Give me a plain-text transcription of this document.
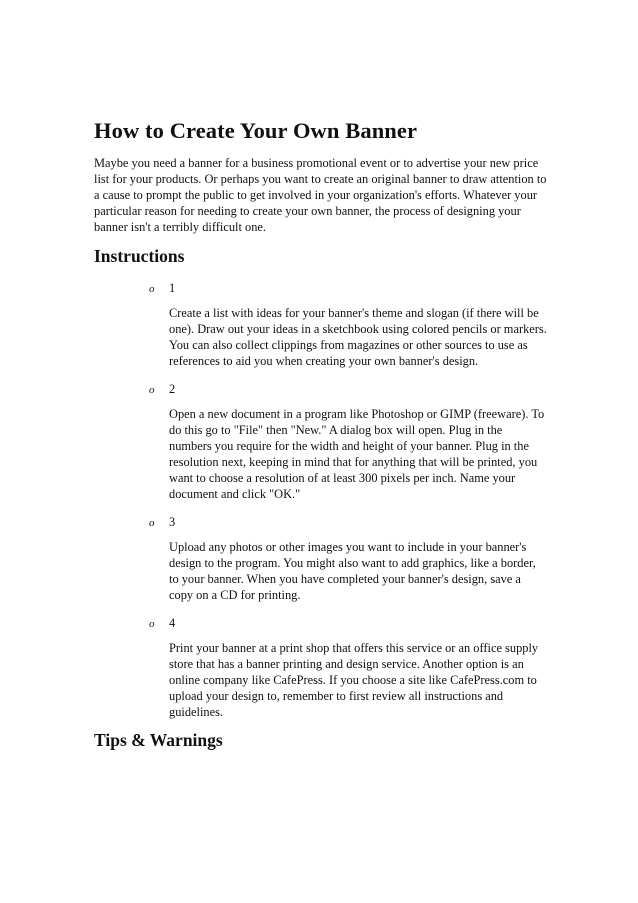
How to Create Your Own Banner

Maybe you need a banner for a business promotional event or to advertise your new price list for your products. Or perhaps you want to create an original banner to draw attention to a cause to prompt the public to get involved in your organization's efforts. Whatever your particular reason for needing to create your own banner, the process of designing your banner isn't a terribly difficult one.

Instructions
o 1

Create a list with ideas for your banner's theme and slogan (if there will be one). Draw out your ideas in a sketchbook using colored pencils or markers. You can also collect clippings from magazines or other sources to use as references to aid you when creating your own banner's design.

o 2

Open a new document in a program like Photoshop or GIMP (freeware). To do this go to "File" then "New." A dialog box will open. Plug in the numbers you require for the width and height of your banner. Plug in the resolution next, keeping in mind that for anything that will be printed, you want to choose a resolution of at least 300 pixels per inch. Name your document and click "OK."

o 3

Upload any photos or other images you want to include in your banner's design to the program. You might also want to add graphics, like a border, to your banner. When you have completed your banner's design, save a copy on a CD for printing.

o 4

Print your banner at a print shop that offers this service or an office supply store that has a banner printing and design service. Another option is an online company like CafePress. If you choose a site like CafePress.com to upload your design to, remember to first review all instructions and guidelines.

Tips & Warnings
